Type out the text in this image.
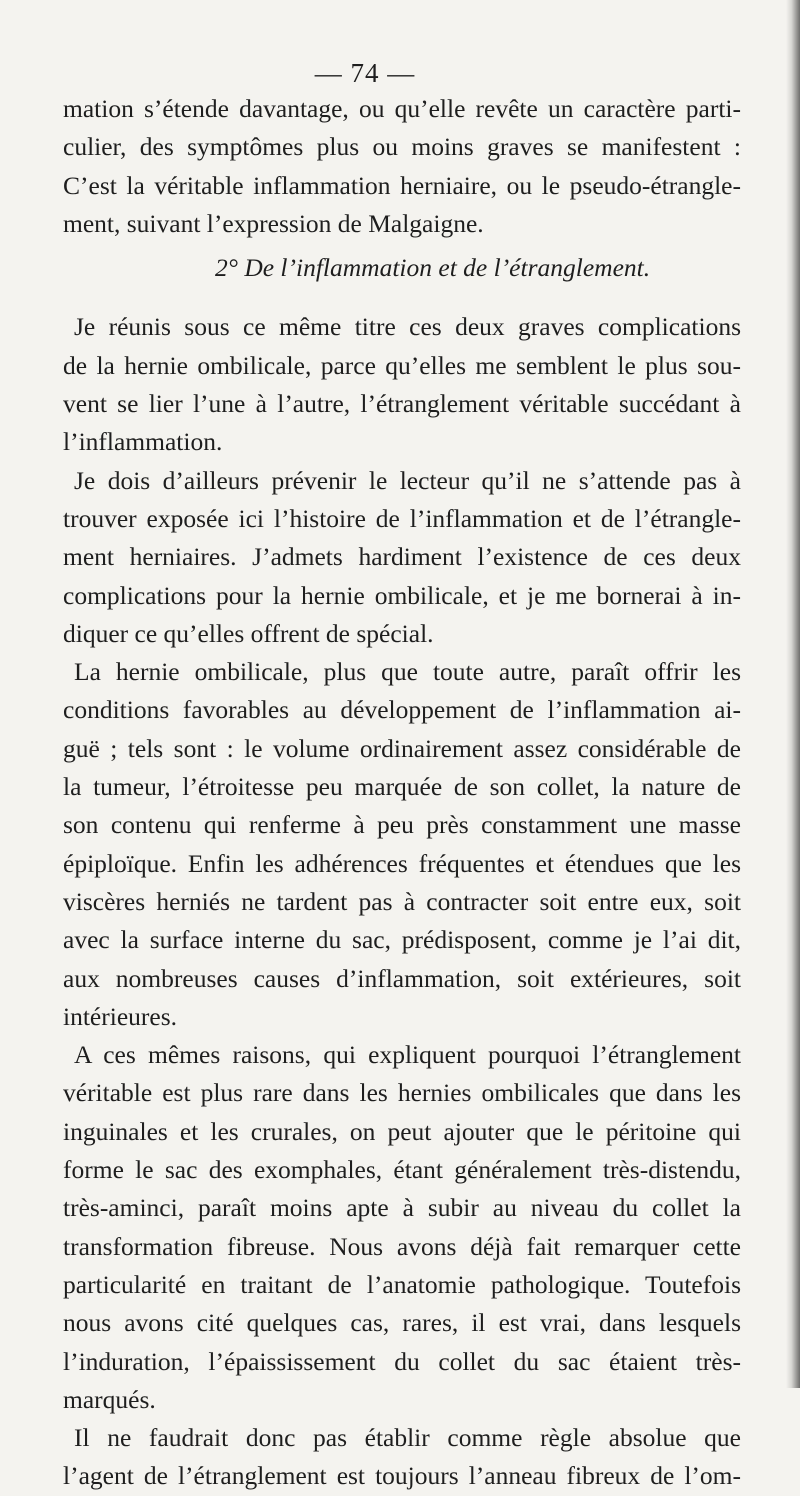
— 74 —
mation s’étende davantage, ou qu’elle revête un caractère parti-
culier, des symptômes plus ou moins graves se manifestent :
C’est la véritable inflammation herniaire, ou le pseudo-étrangle-
ment, suivant l’expression de Malgaigne.
2° De l’inflammation et de l’étranglement.
Je réunis sous ce même titre ces deux graves complications
de la hernie ombilicale, parce qu’elles me semblent le plus sou-
vent se lier l’une à l’autre, l’étranglement véritable succédant à
l’inflammation.
Je dois d’ailleurs prévenir le lecteur qu’il ne s’attende pas à
trouver exposée ici l’histoire de l’inflammation et de l’étrangle-
ment herniaires. J’admets hardiment l’existence de ces deux
complications pour la hernie ombilicale, et je me bornerai à in-
diquer ce qu’elles offrent de spécial.
La hernie ombilicale, plus que toute autre, paraît offrir les
conditions favorables au développement de l’inflammation ai-
guë ; tels sont : le volume ordinairement assez considérable de
la tumeur, l’étroitesse peu marquée de son collet, la nature de
son contenu qui renferme à peu près constamment une masse
épiploïque. Enfin les adhérences fréquentes et étendues que les
viscères herniés ne tardent pas à contracter soit entre eux, soit
avec la surface interne du sac, prédisposent, comme je l’ai dit,
aux nombreuses causes d’inflammation, soit extérieures, soit
intérieures.
A ces mêmes raisons, qui expliquent pourquoi l’étranglement
véritable est plus rare dans les hernies ombilicales que dans les
inguinales et les crurales, on peut ajouter que le péritoine qui
forme le sac des exomphales, étant généralement très-distendu,
très-aminci, paraît moins apte à subir au niveau du collet la
transformation fibreuse. Nous avons déjà fait remarquer cette
particularité en traitant de l’anatomie pathologique. Toutefois
nous avons cité quelques cas, rares, il est vrai, dans lesquels
l’induration, l’épaississement du collet du sac étaient très-
marqués.
Il ne faudrait donc pas établir comme règle absolue que
l’agent de l’étranglement est toujours l’anneau fibreux de l’om-
